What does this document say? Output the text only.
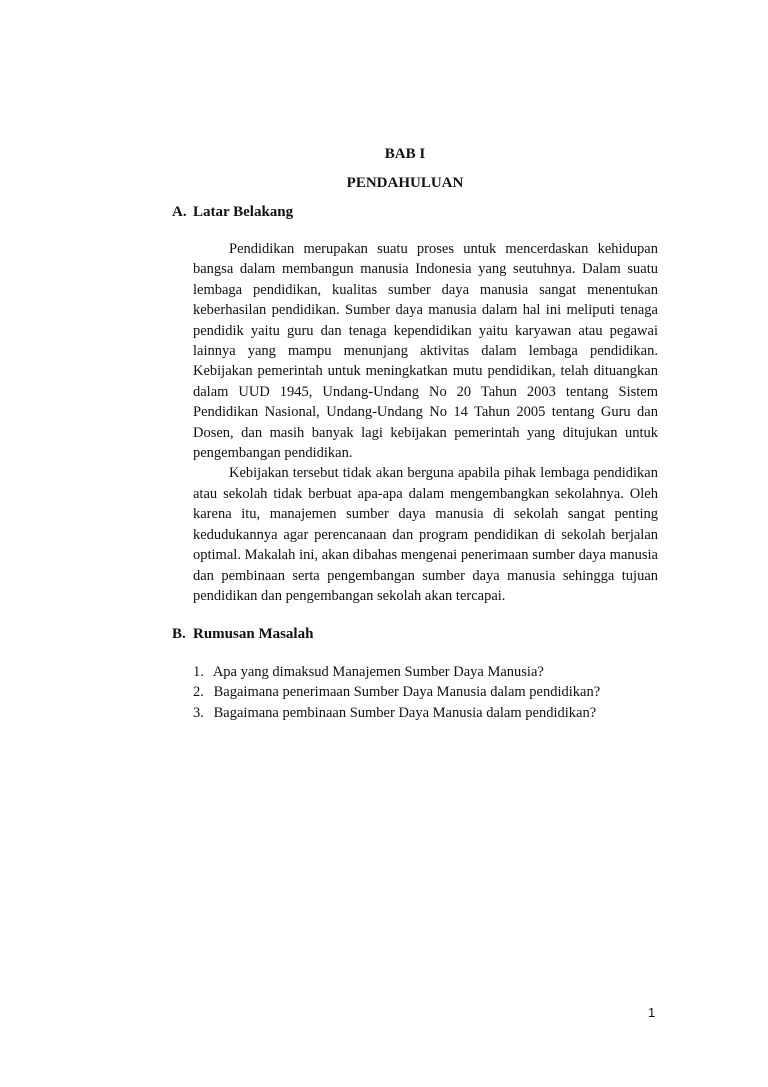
BAB I
PENDAHULUAN
A. Latar Belakang

Pendidikan merupakan suatu proses untuk mencerdaskan kehidupan bangsa dalam membangun manusia Indonesia yang seutuhnya. Dalam suatu lembaga pendidikan, kualitas sumber daya manusia sangat menentukan keberhasilan pendidikan. Sumber daya manusia dalam hal ini meliputi tenaga pendidik yaitu guru dan tenaga kependidikan yaitu karyawan atau pegawai lainnya yang mampu menunjang aktivitas dalam lembaga pendidikan. Kebijakan pemerintah untuk meningkatkan mutu pendidikan, telah dituangkan dalam UUD 1945, Undang-Undang No 20 Tahun 2003 tentang Sistem Pendidikan Nasional, Undang-Undang No 14 Tahun 2005 tentang Guru dan Dosen, dan masih banyak lagi kebijakan pemerintah yang ditujukan untuk pengembangan pendidikan.

Kebijakan tersebut tidak akan berguna apabila pihak lembaga pendidikan atau sekolah tidak berbuat apa-apa dalam mengembangkan sekolahnya. Oleh karena itu, manajemen sumber daya manusia di sekolah sangat penting kedudukannya agar perencanaan dan program pendidikan di sekolah berjalan optimal. Makalah ini, akan dibahas mengenai penerimaan sumber daya manusia dan pembinaan serta pengembangan sumber daya manusia sehingga tujuan pendidikan dan pengembangan sekolah akan tercapai.

B. Rumusan Masalah
1. Apa yang dimaksud Manajemen Sumber Daya Manusia?
2. Bagaimana penerimaan Sumber Daya Manusia dalam pendidikan?
3. Bagaimana pembinaan Sumber Daya Manusia dalam pendidikan?
1
